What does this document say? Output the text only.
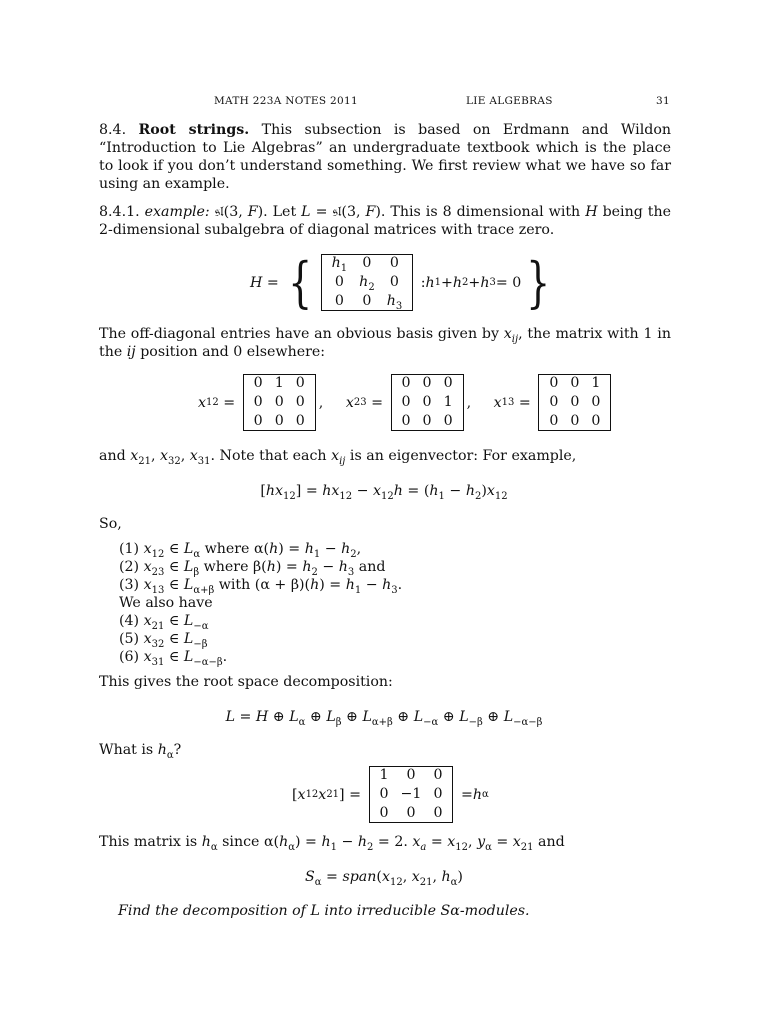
MATH 223A NOTES 2011	LIE ALGEBRAS	31

8.4. Root strings. This subsection is based on Erdmann and Wildon “Introduction to Lie Algebras” an undergraduate textbook which is the place to look if you don’t understand something. We first review what we have so far using an example.

8.4.1. example: 𝔰𝔩(3, F). Let L = 𝔰𝔩(3, F). This is 8 dimensional with H being the 2-dimensional subalgebra of diagonal matrices with trace zero.

H = {	$h_1$	0	0
0	$h_2$	0
0	0	$h_3$
: h 1 + h 2 + h 3 = 0 }

The off-diagonal entries have an obvious basis given by $x_{ij}$, the matrix with 1 in the ij position and 0 elsewhere:

x 12 =
0 1 0
0 0 0
0 0 0
, x 23 =
0 0 0
0 0 1
0 0 0
, x 13 =
0 0 1
0 0 0
0 0 0

and $x_{21}$, $x_{32}$, $x_{31}$. Note that each $x_{ij}$ is an eigenvector: For example,

$[hx_{12}] = hx_{12} - x_{12}h = (h_1 - h_2)x_{12}$

So,

(1) $x_{12}$ ∈ $L_\alpha$ where $\alpha(h) = h_1 - h_2$,
(2) $x_{23}$ ∈ $L_\beta$ where $\beta(h) = h_2 - h_3$ and
(3) $x_{13}$ ∈ $L_{\alpha+\beta}$ with $(\alpha + \beta)(h) = h_1 - h_3$.
We also have
(4) $x_{21}$ ∈ $L_{-\alpha}$
(5) $x_{32}$ ∈ $L_{-\beta}$
(6) $x_{31}$ ∈ $L_{-\alpha-\beta}$.

This gives the root space decomposition:

L = H ⊕ $L_\alpha$ ⊕ $L_\beta$ ⊕ $L_{\alpha+\beta}$ ⊕ $L_{-\alpha}$ ⊕ $L_{-\beta}$ ⊕ $L_{-\alpha-\beta}$

What is $h_\alpha$?

[ x 12 x 21 ] =
1	0	0
0 −1 0
0	0	0
= h α

This matrix is $h_\alpha$ since $\alpha(h_\alpha) = h_1 - h_2 = 2$. $x_a = x_{12}$, $y_\alpha = x_{21}$ and

$S_\alpha$ = $span(x_{12}$, $x_{21}$, $h_\alpha$)

Find the decomposition of L into irreducible Sα-modules.
